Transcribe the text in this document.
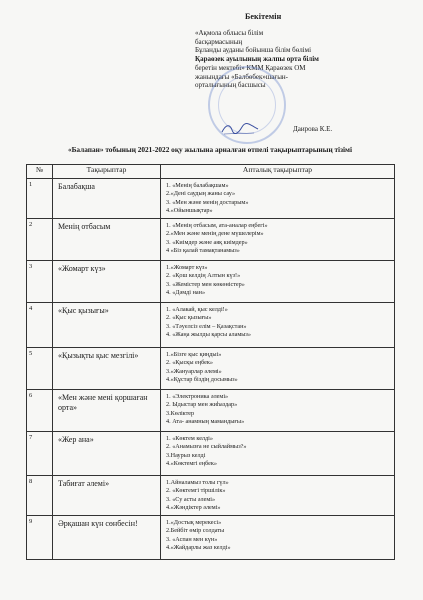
Бекітемін
«Ақмола облысы білім
басқармасының
Бұланды ауданы бойынша білім бөлімі
Қараөзек ауылының жалпы орта білім
беретін мектебі» КММ Қараөзек ОМ
жанындағы «Балбөбек»шағын-
орталығының басшысы
Даирова К.Е.
«Балапан» тобының 2021-2022 оқу жылына арналған өтпелі тақырыптарының тізімі
№	Тақырыптар	Апталық тақырыптар

1	Балабақша	1. «Менің балабақшам»
2.«Дені саудың жаны сау»
3. «Мен және менің достарым»
4.«Ойыншықтар»

2	Менің отбасым	1. «Менің отбасым, ата-аналар еңбегі»
2.«Мен және менің дене мүшелерім»
3. «Киімдер және аяқ киімдер»
4 «Біз қалай тамақтанамыз»

3	«Жомарт күз»	1.«Жомарт күз»
2. «Қош келдің Алтын күз!»
3. «Жемістер мен көкөністер»
4. «Дәмді нан»

4	«Қыс қызығы»	1. «Алакай, қыс келді!»
2. «Қыс қызығы»
3. «Тәуелсіз елім – Қазақстан»
4. «Жаңа жылды қарсы аламыз»

5	«Қызықты қыс мезгілі»	1.«Бізге қыс қиңдыі»
2. «Қысқы еңбек»
3.«Жануарлар әлемі»
4.«Құстар біздің досымыз»

6	«Мен және мені қоршаған орта»	1. «Электроника әлемі»
2. Ыдыстар мен жиһаздар»
3.Көліктер
4. Ата- анамның мамандығы»

7	«Жер ана»	1. «Көктем келді»
2. «Анамызға не сыйлаймыз?»
3.Наурыз келді
4.«Көктемгі еңбек»

8	Табиғат әлемі»	1.Айналамыз толы гүл»
2. «Көктемгі тіршілік»
3. «Су асты әлемі»
4.«Жәндіктер әлемі»

9	Әрқашан күн сөнбесін!	1.«Достық мерекесі»
2.Бейбіт өмір солдаты
3. «Аспан мен күн»
4.«Жайдарлы жаз келді»
